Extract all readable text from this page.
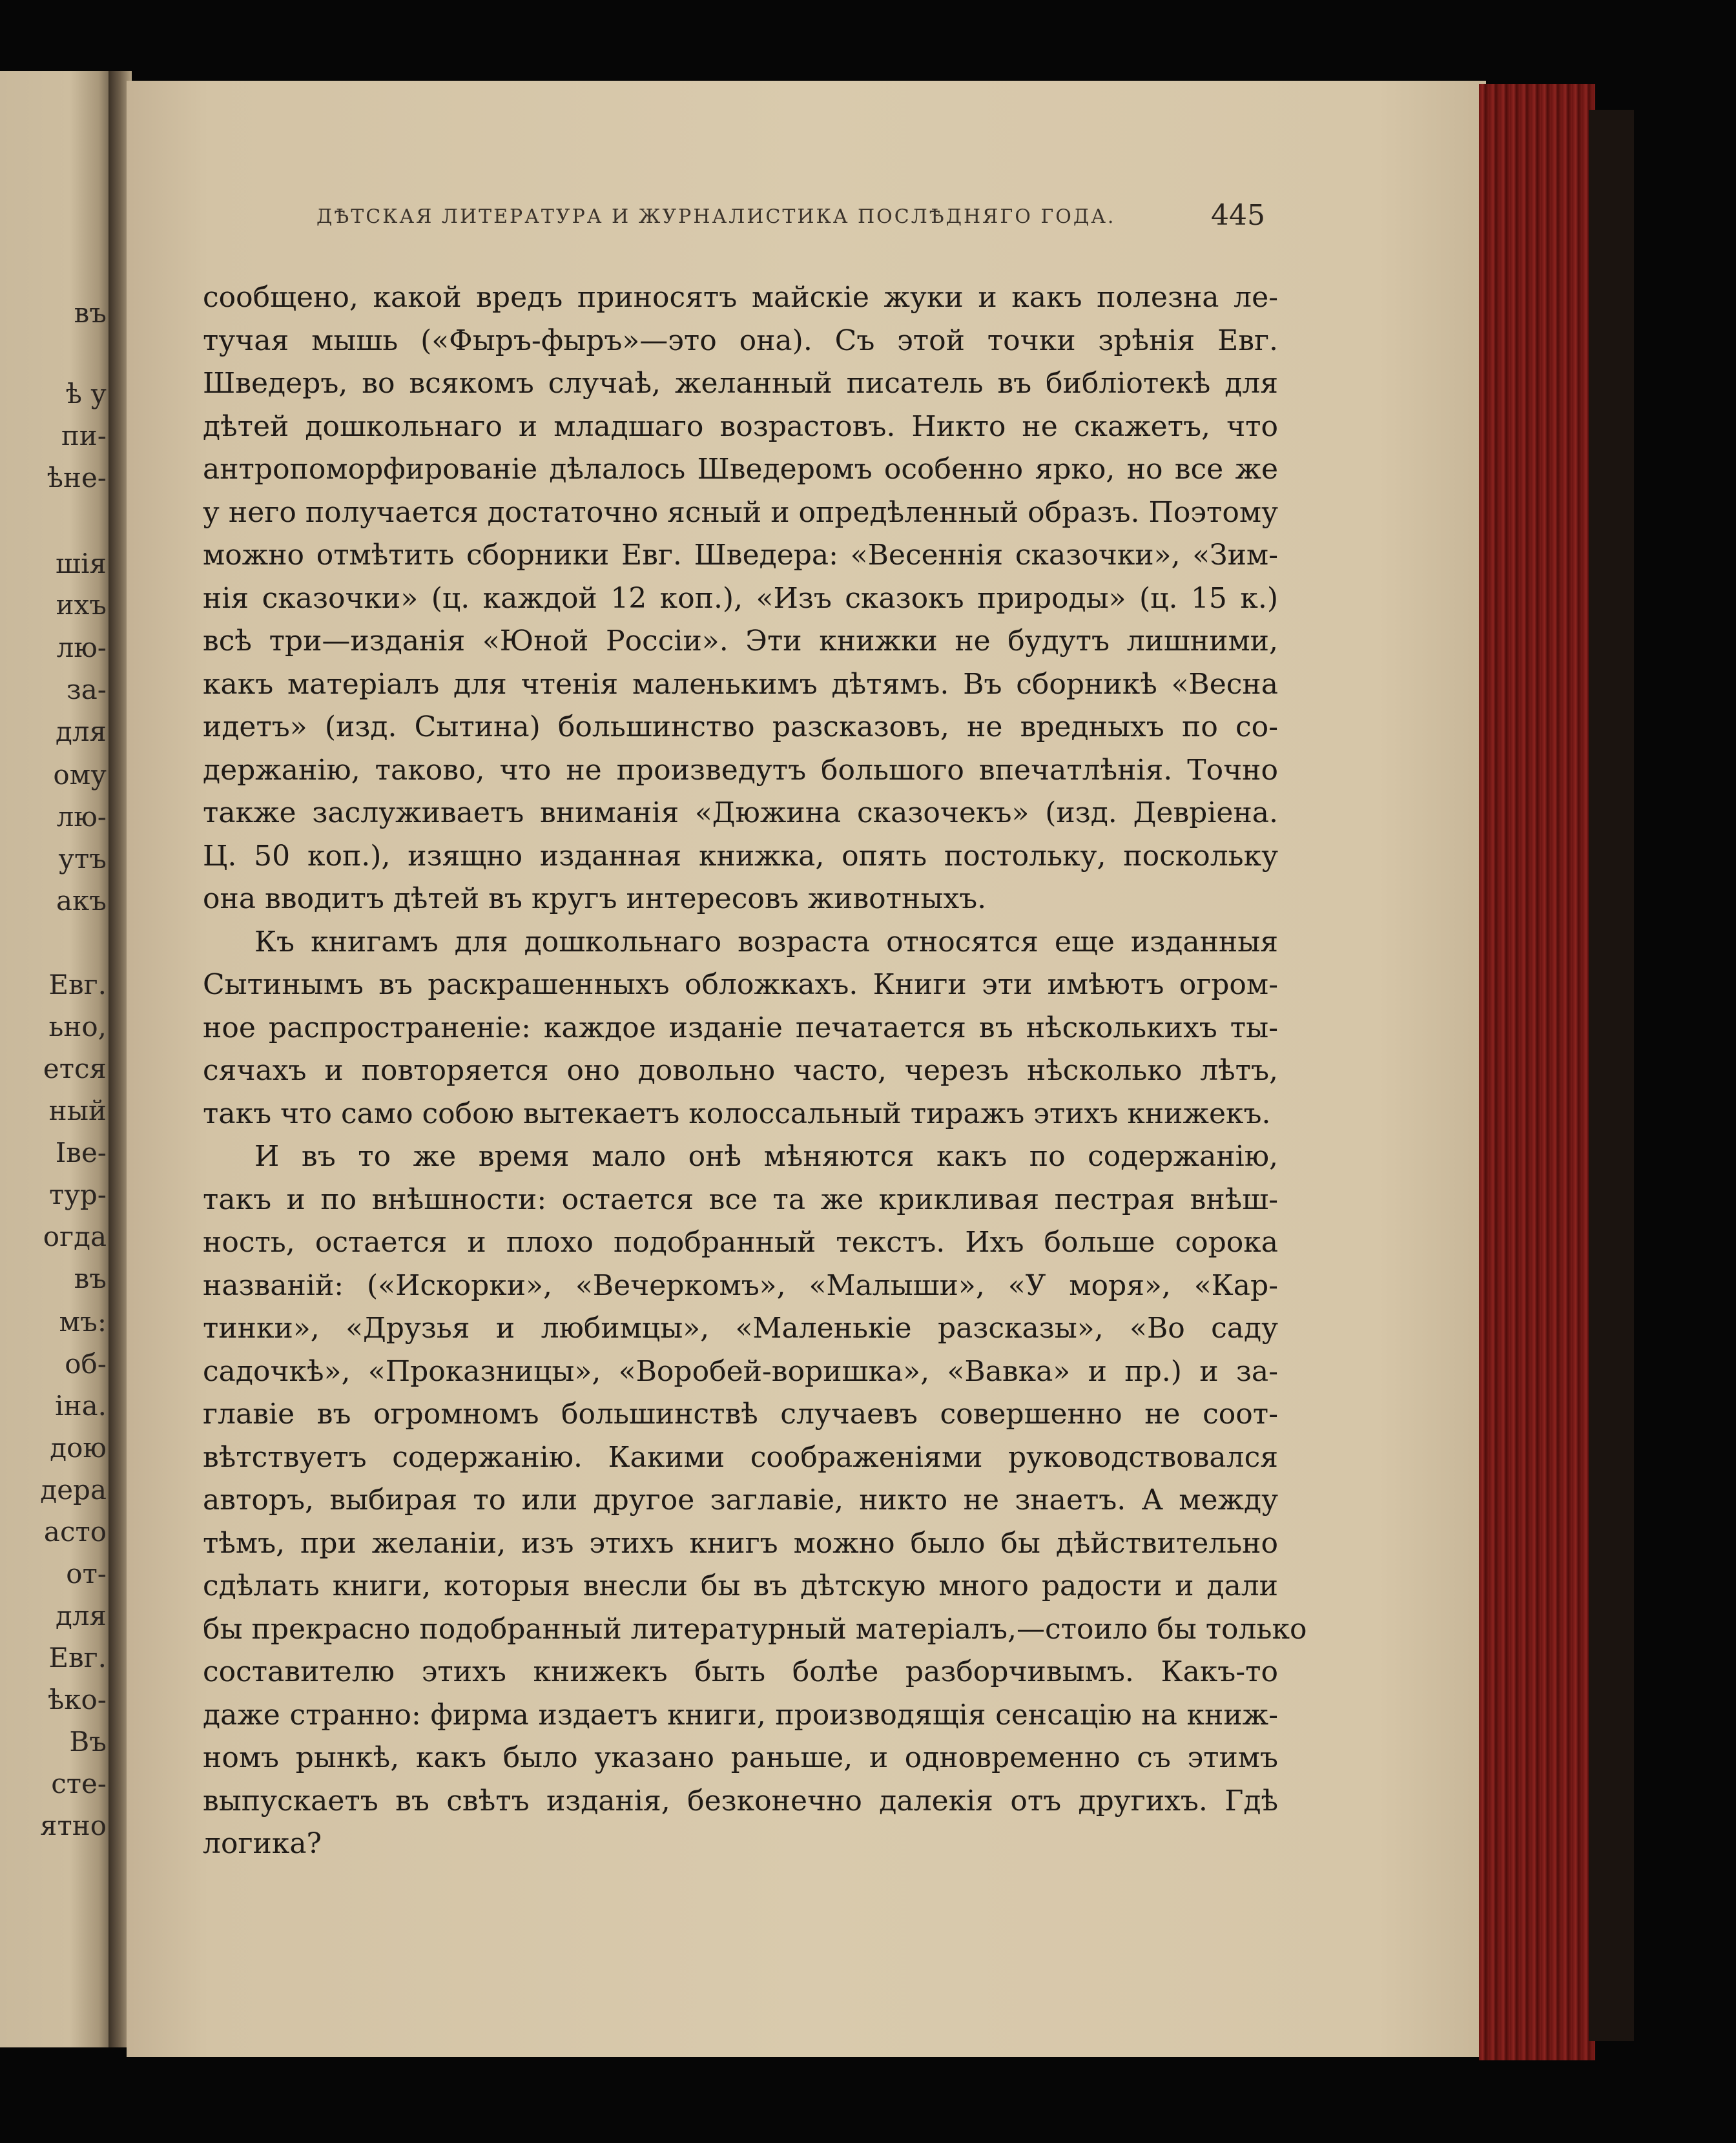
въ
ѣ у
пи-
ѣне-
шія
ихъ
лю-
за-
для
ому
лю-
утъ
акъ
Евг.
ьно,
ется
ный
Іве-
тур-
огда
въ
мъ:
об-
іна.
дою
дера
асто
от-
для
Евг.
ѣко-
Въ
сте-
ятно
ДѢТСКАЯ ЛИТЕРАТУРА И ЖУРНАЛИСТИКА ПОСЛѢДНЯГО ГОДА.	445
сообщено, какой вредъ приносятъ майскіе жуки и какъ полезна ле-
тучая мышь («Фыръ-фыръ»—это она). Съ этой точки зрѣнія Евг.
Шведеръ, во всякомъ случаѣ, желанный писатель въ библіотекѣ для
дѣтей дошкольнаго и младшаго возрастовъ. Никто не скажетъ, что
антропоморфированіе дѣлалось Шведеромъ особенно ярко, но все же
у него получается достаточно ясный и опредѣленный образъ. Поэтому
можно отмѣтить сборники Евг. Шведера: «Весеннія сказочки», «Зим-
нія сказочки» (ц. каждой 12 коп.), «Изъ сказокъ природы» (ц. 15 к.)
всѣ три—изданія «Юной Россіи». Эти книжки не будутъ лишними,
какъ матеріалъ для чтенія маленькимъ дѣтямъ. Въ сборникѣ «Весна
идетъ» (изд. Сытина) большинство разсказовъ, не вредныхъ по со-
держанію, таково, что не произведутъ большого впечатлѣнія. Точно
также заслуживаетъ вниманія «Дюжина сказочекъ» (изд. Девріена.
Ц. 50 коп.), изящно изданная книжка, опять постольку, поскольку
она вводитъ дѣтей въ кругъ интересовъ животныхъ.
Къ книгамъ для дошкольнаго возраста относятся еще изданныя
Сытинымъ въ раскрашенныхъ обложкахъ. Книги эти имѣютъ огром-
ное распространеніе: каждое изданіе печатается въ нѣсколькихъ ты-
сячахъ и повторяется оно довольно часто, черезъ нѣсколько лѣтъ,
такъ что само собою вытекаетъ колоссальный тиражъ этихъ книжекъ.
И въ то же время мало онѣ мѣняются какъ по содержанію,
такъ и по внѣшности: остается все та же крикливая пестрая внѣш-
ность, остается и плохо подобранный текстъ. Ихъ больше сорока
названій: («Искорки», «Вечеркомъ», «Малыши», «У моря», «Кар-
тинки», «Друзья и любимцы», «Маленькіе разсказы», «Во саду
садочкѣ», «Проказницы», «Воробей-воришка», «Вавка» и пр.) и за-
главіе въ огромномъ большинствѣ случаевъ совершенно не соот-
вѣтствуетъ содержанію. Какими соображеніями руководствовался
авторъ, выбирая то или другое заглавіе, никто не знаетъ. А между
тѣмъ, при желаніи, изъ этихъ книгъ можно было бы дѣйствительно
сдѣлать книги, которыя внесли бы въ дѣтскую много радости и дали
бы прекрасно подобранный литературный матеріалъ,—стоило бы только
составителю этихъ книжекъ быть болѣе разборчивымъ. Какъ-то
даже странно: фирма издаетъ книги, производящія сенсацію на книж-
номъ рынкѣ, какъ было указано раньше, и одновременно съ этимъ
выпускаетъ въ свѣтъ изданія, безконечно далекія отъ другихъ. Гдѣ
логика?
